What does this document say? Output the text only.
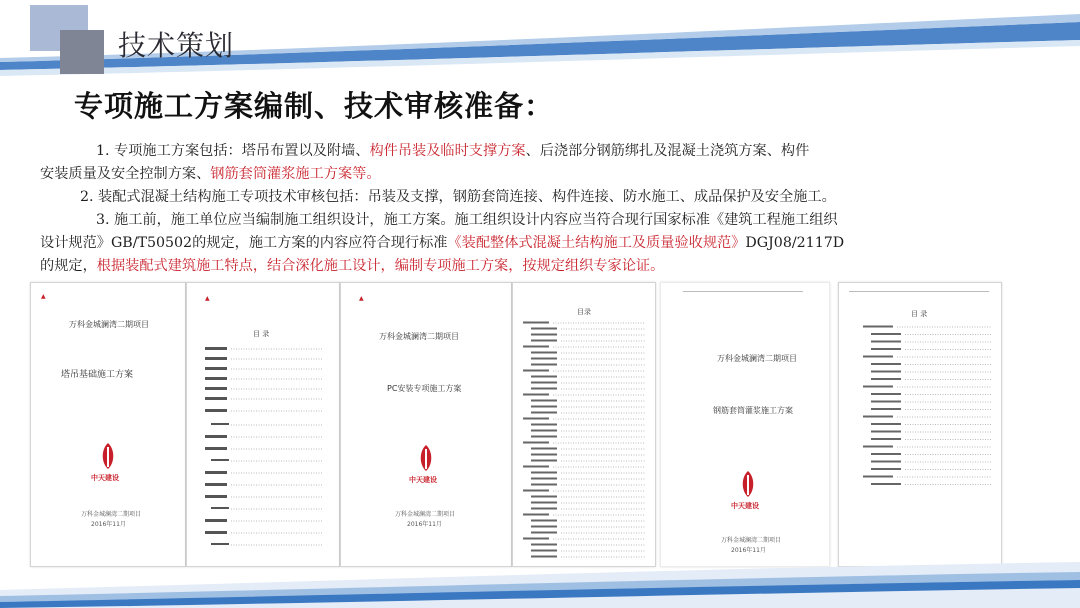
技术策划
专项施工方案编制、技术审核准备：
1. 专项施工方案包括：塔吊布置以及附墙、构件吊装及临时支撑方案、后浇部分钢筋绑扎及混凝土浇筑方案、构件
安装质量及安全控制方案、钢筋套筒灌浆施工方案等。
2. 装配式混凝土结构施工专项技术审核包括：吊装及支撑，钢筋套筒连接、构件连接、防水施工、成品保护及安全施工。
3. 施工前，施工单位应当编制施工组织设计，施工方案。施工组织设计内容应当符合现行国家标准《建筑工程施工组织
设计规范》GB/T50502的规定，施工方案的内容应符合现行标准《装配整体式混凝土结构施工及质量验收规范》DGJ08/2117D
的规定，根据装配式建筑施工特点，结合深化施工设计，编制专项施工方案，按规定组织专家论证。
▲
万科金城澜湾二期项目
塔吊基础施工方案
中天建设
万科金城澜湾二期项目
2016年11月
▲
目 录
▲
万科金城澜湾二期项目
PC安装专项施工方案
中天建设
万科金城澜湾二期项目
2016年11月
目录
万科金城澜湾二期项目
钢筋套筒灌浆施工方案
中天建设
万科金城澜湾二期项目
2016年11月
目 录
